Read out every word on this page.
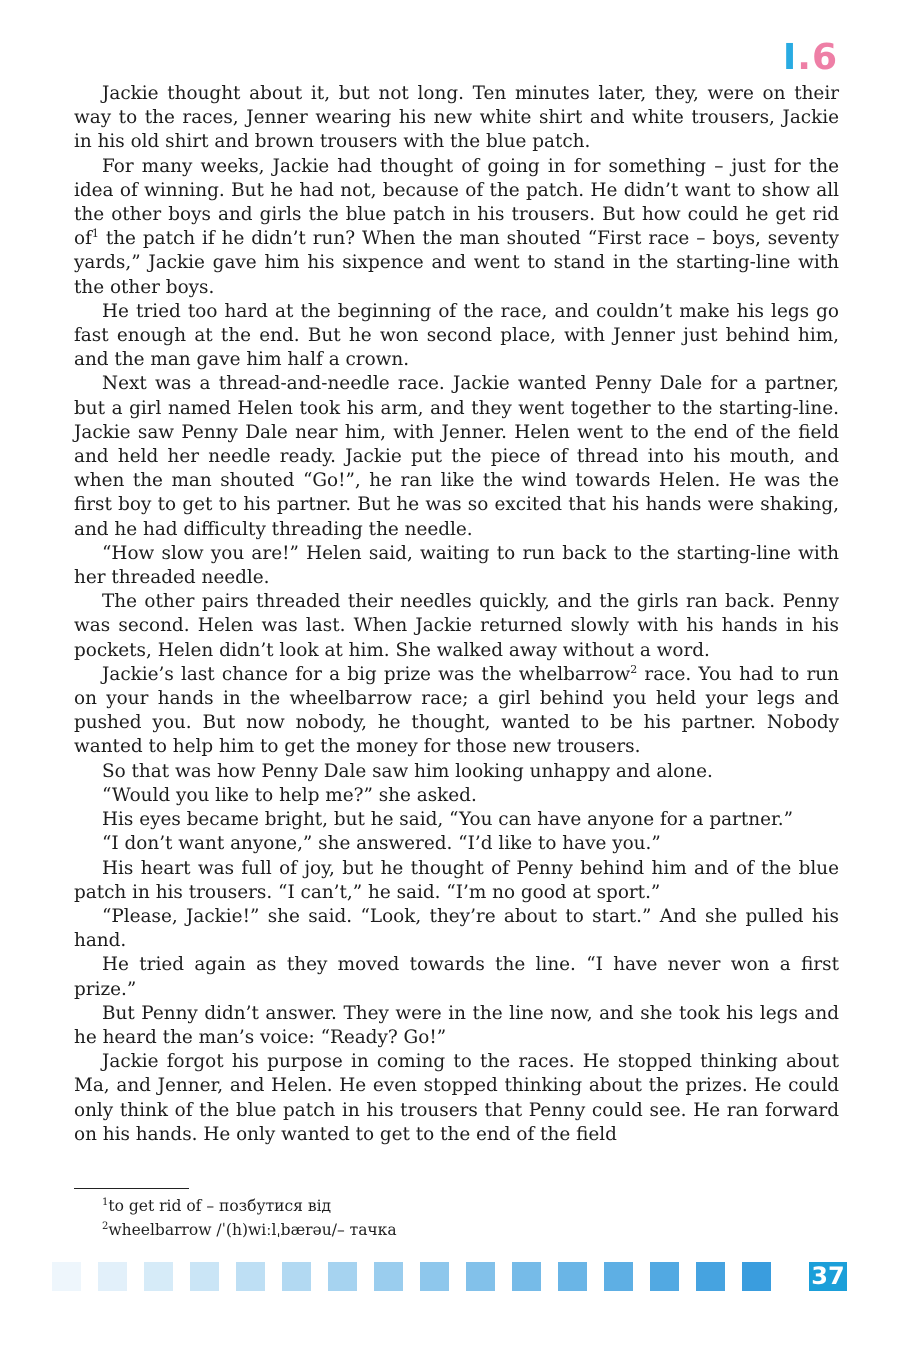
I.6

Jackie thought about it, but not long. Ten minutes later, they, were on their way to the races, Jenner wearing his new white shirt and white trousers, Jackie in his old shirt and brown trousers with the blue patch.

For many weeks, Jackie had thought of going in for something – just for the idea of winning. But he had not, because of the patch. He didn’t want to show all the other boys and girls the blue patch in his trousers. But how could he get rid $of^1$ the patch if he didn’t run? When the man shouted “First race – boys, seventy yards,” Jackie gave him his sixpence and went to stand in the starting-line with the other boys.

He tried too hard at the beginning of the race, and couldn’t make his legs go fast enough at the end. But he won second place, with Jenner just behind him, and the man gave him half a crown.

Next was a thread-and-needle race. Jackie wanted Penny Dale for a partner, but a girl named Helen took his arm, and they went together to the starting-line. Jackie saw Penny Dale near him, with Jenner. Helen went to the end of the field and held her needle ready. Jackie put the piece of thread into his mouth, and when the man shouted “Go!”, he ran like the wind towards Helen. He was the first boy to get to his partner. But he was so excited that his hands were shaking, and he had difficulty threading the needle.

“How slow you are!” Helen said, waiting to run back to the starting-line with her threaded needle.

The other pairs threaded their needles quickly, and the girls ran back. Penny was second. Helen was last. When Jackie returned slowly with his hands in his pockets, Helen didn’t look at him. She walked away without a word.

Jackie’s last chance for a big prize was the whelbarrow$^2$ race. You had to run on your hands in the wheelbarrow race; a girl behind you held your legs and pushed you. But now nobody, he thought, wanted to be his partner. Nobody wanted to help him to get the money for those new trousers.

So that was how Penny Dale saw him looking unhappy and alone.

“Would you like to help me?” she asked.

His eyes became bright, but he said, “You can have anyone for a partner.”

“I don’t want anyone,” she answered. “I’d like to have you.”

His heart was full of joy, but he thought of Penny behind him and of the blue patch in his trousers. “I can’t,” he said. “I’m no good at sport.”

“Please, Jackie!” she said. “Look, they’re about to start.” And she pulled his hand.

He tried again as they moved towards the line. “I have never won a first prize.”

But Penny didn’t answer. They were in the line now, and she took his legs and he heard the man’s voice: “Ready? Go!”

Jackie forgot his purpose in coming to the races. He stopped thinking about Ma, and Jenner, and Helen. He even stopped thinking about the prizes. He could only think of the blue patch in his trousers that Penny could see. He ran forward on his hands. He only wanted to get to the end of the field

$^1$to get rid of – позбутися від

$^2$wheelbarrow /ˈ(h)wiːlˌbærəu/– тачка

37
